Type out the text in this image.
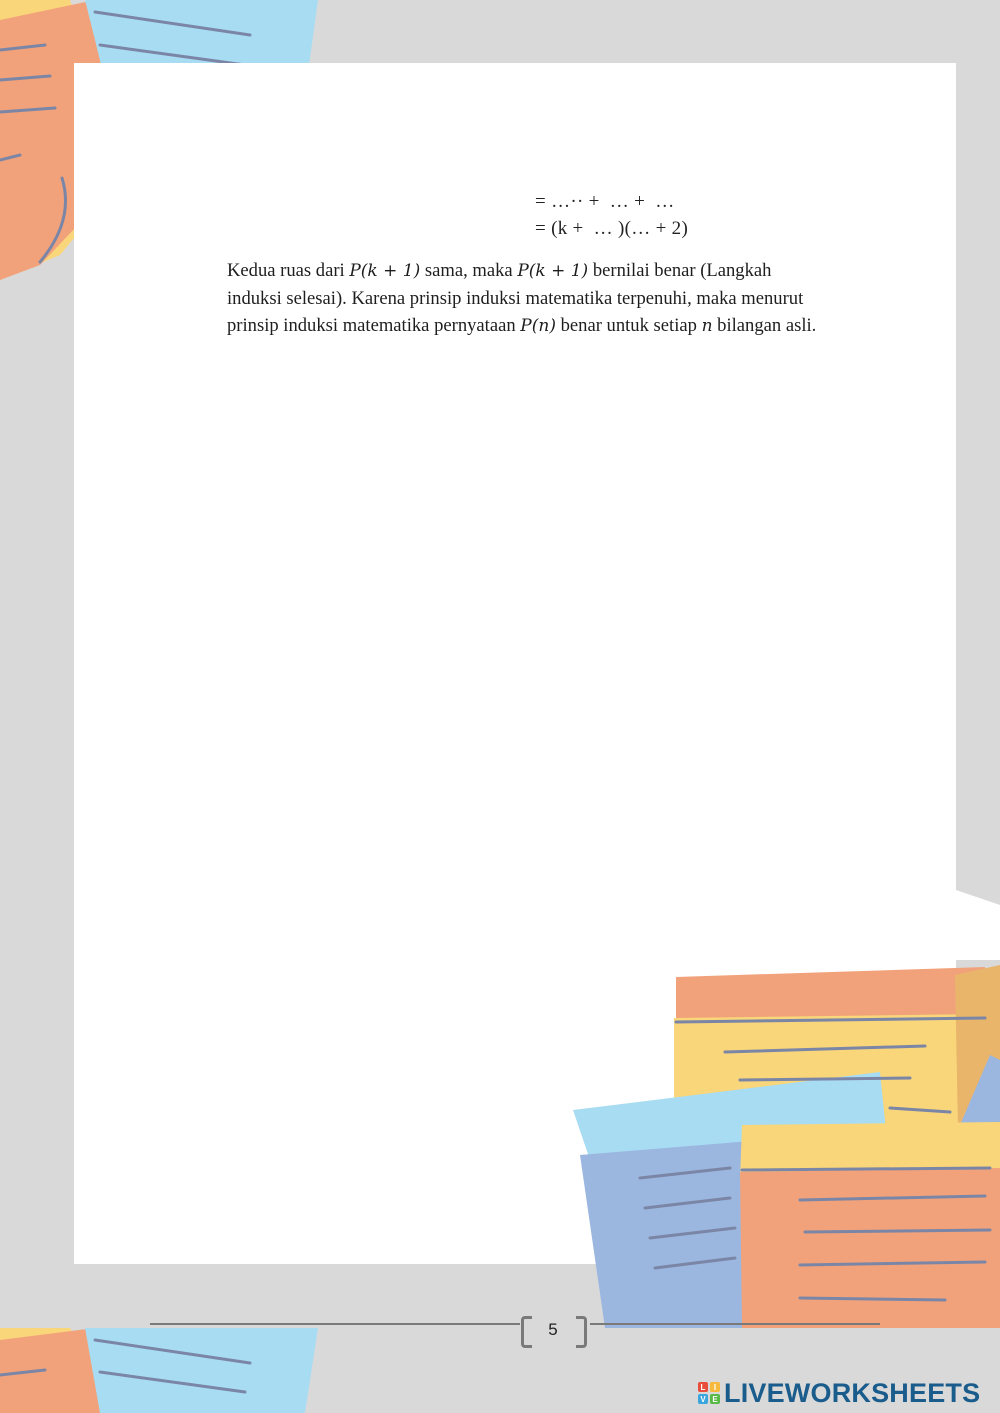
= …·· +  … +  …
= (k +  … )(… + 2)
Kedua ruas dari P(k + 1) sama, maka P(k + 1) bernilai benar (Langkah induksi selesai). Karena prinsip induksi matematika terpenuhi, maka menurut prinsip induksi matematika pernyataan P(n) benar untuk setiap n bilangan asli.
5
L	I
V E LIVEWORKSHEETS
